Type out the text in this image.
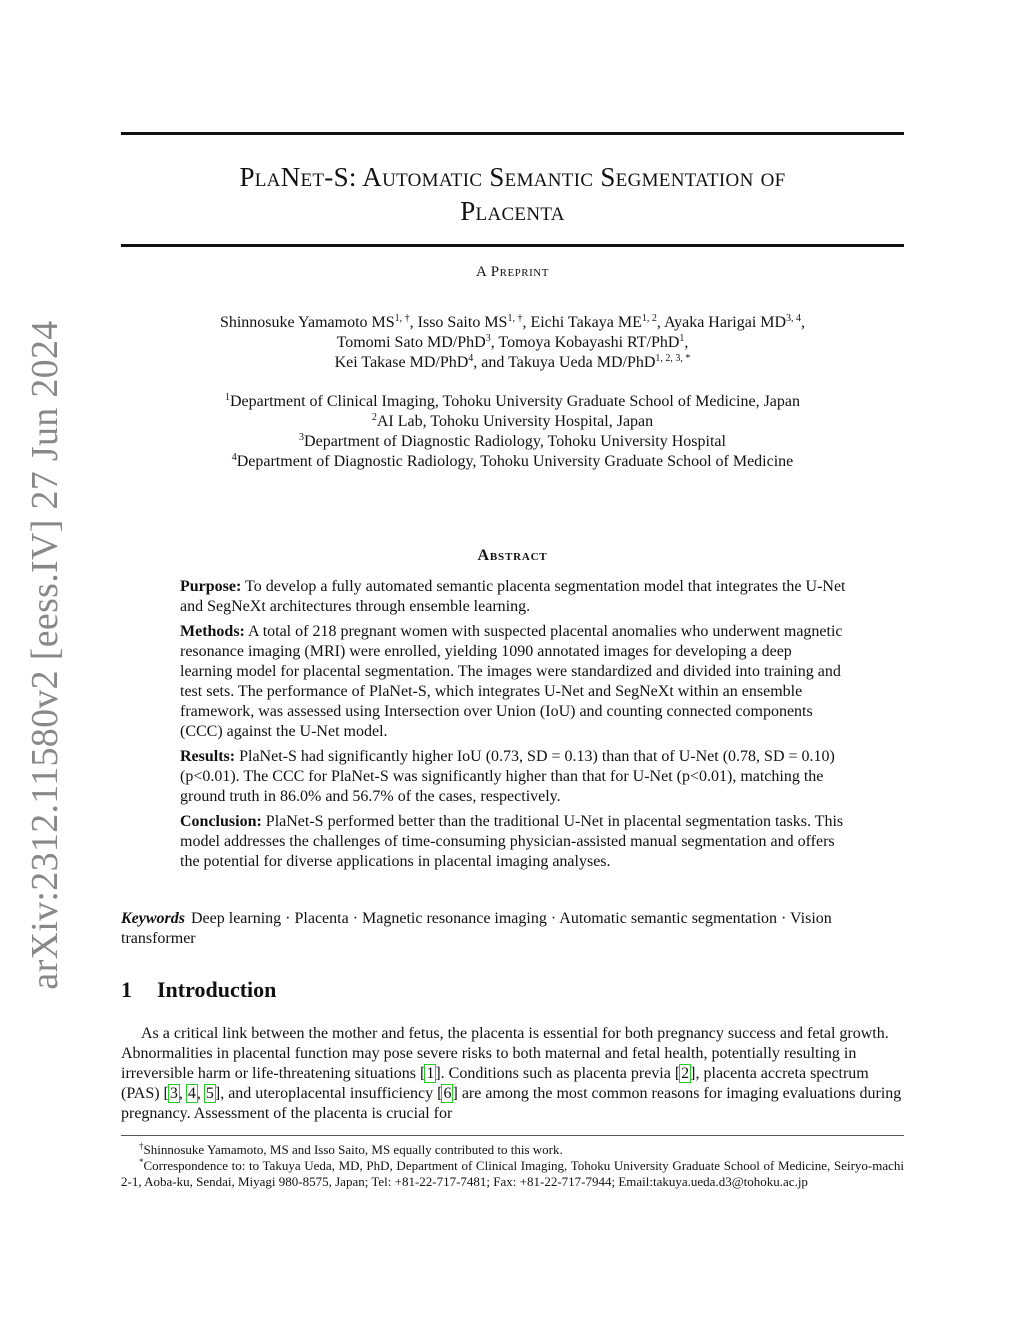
arXiv:2312.11580v2 [eess.IV] 27 Jun 2024
PlaNet-S: Automatic Semantic Segmentation of
Placenta
A Preprint
Shinnosuke Yamamoto $MS^{1, \dagger}$, Isso Saito $MS^{1, \dagger}$, Eichi Takaya ME$^{1, 2}$, Ayaka Harigai MD$^{3, 4}$,
Tomomi Sato MD/PhD$^3$, Tomoya Kobayashi RT/PhD$^1$,
Kei Takase MD/PhD$^4$, and Takuya Ueda MD/PhD$^{1, 2, 3, *}$
$^1$Department of Clinical Imaging, Tohoku University Graduate School of Medicine, Japan
$^2$AI Lab, Tohoku University Hospital, Japan
$^3$Department of Diagnostic Radiology, Tohoku University Hospital
$^4$Department of Diagnostic Radiology, Tohoku University Graduate School of Medicine
Abstract

Purpose: To develop a fully automated semantic placenta segmentation model that integrates the U-Net and SegNeXt architectures through ensemble learning.

Methods: A total of 218 pregnant women with suspected placental anomalies who underwent magnetic resonance imaging (MRI) were enrolled, yielding 1090 annotated images for developing a deep learning model for placental segmentation. The images were standardized and divided into training and test sets. The performance of PlaNet-S, which integrates U-Net and SegNeXt within an ensemble framework, was assessed using Intersection over Union (IoU) and counting connected components (CCC) against the U-Net model.

Results: PlaNet-S had significantly higher IoU (0.73, SD = 0.13) than that of U-Net (0.78, SD = 0.10) (p<0.01). The CCC for PlaNet-S was significantly higher than that for U-Net (p<0.01), matching the ground truth in 86.0% and 56.7% of the cases, respectively.

Conclusion: PlaNet-S performed better than the traditional U-Net in placental segmentation tasks. This model addresses the challenges of time-consuming physician-assisted manual segmentation and offers the potential for diverse applications in placental imaging analyses.

Keywords Deep learning · Placenta · Magnetic resonance imaging · Automatic semantic segmentation · Vision transformer
1 Introduction
As a critical link between the mother and fetus, the placenta is essential for both pregnancy success and fetal growth. Abnormalities in placental function may pose severe risks to both maternal and fetal health, potentially resulting in irreversible harm or life-threatening situations [1]. Conditions such as placenta previa [2], placenta accreta spectrum (PAS) [3, 4, 5], and uteroplacental insufficiency [6] are among the most common reasons for imaging evaluations during pregnancy. Assessment of the placenta is crucial for

†Shinnosuke Yamamoto, MS and Isso Saito, MS equally contributed to this work.

*Correspondence to: to Takuya Ueda, MD, PhD, Department of Clinical Imaging, Tohoku University Graduate School of Medicine, Seiryo-machi 2-1, Aoba-ku, Sendai, Miyagi 980-8575, Japan; Tel: +81-22-717-7481; Fax: +81-22-717-7944; Email:takuya.ueda.d3@tohoku.ac.jp
